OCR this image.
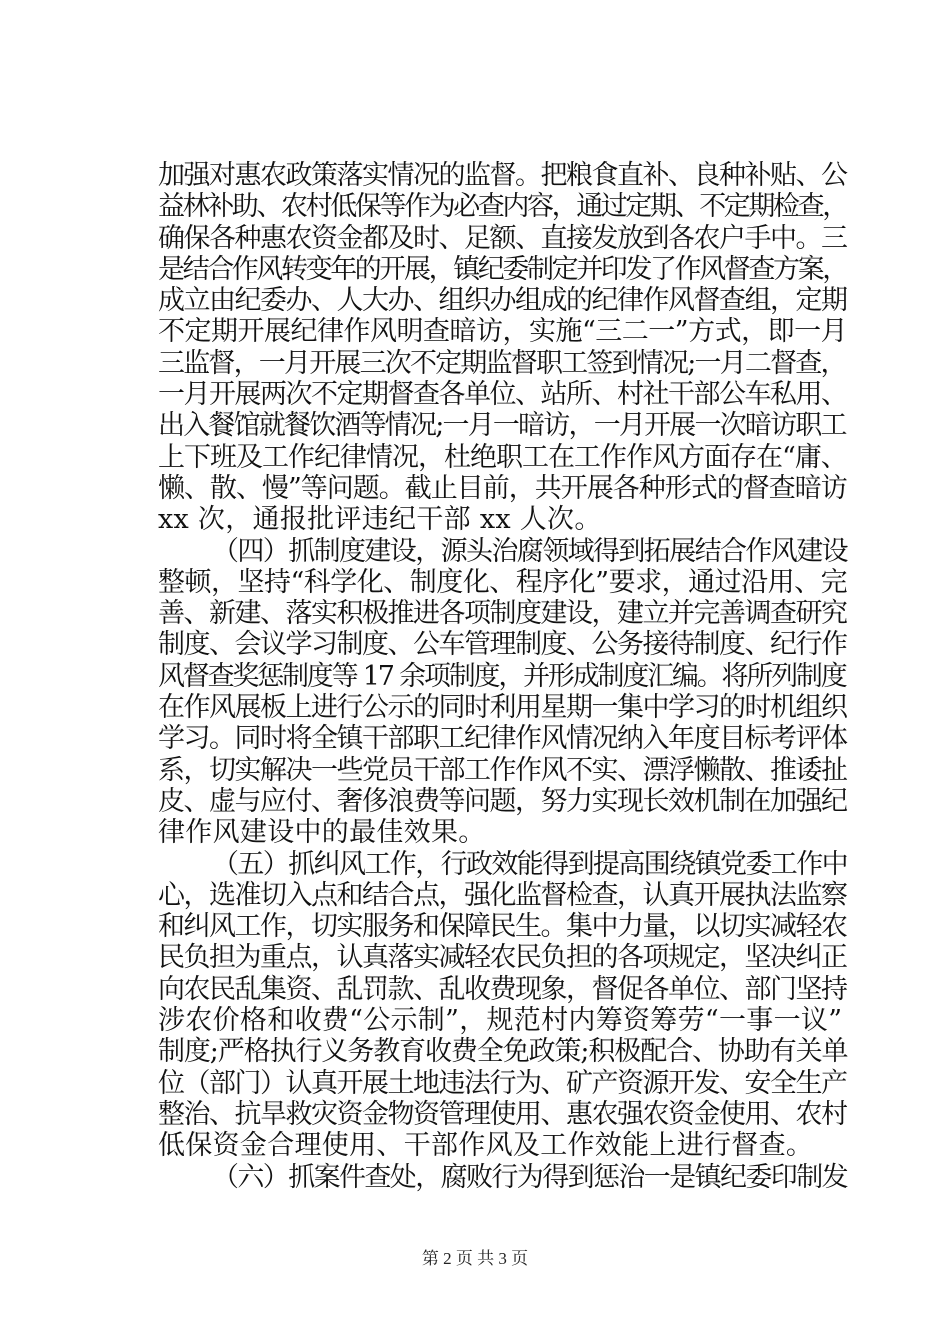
加强对惠农政策落实情况的监督。把粮食直补、良种补贴、公
益林补助、农村低保等作为必查内容，通过定期、不定期检查，
确保各种惠农资金都及时、足额、直接发放到各农户手中。三
是结合作风转变年的开展，镇纪委制定并印发了作风督查方案，
成立由纪委办、人大办、组织办组成的纪律作风督查组，定期
不定期开展纪律作风明查暗访，实施“三二一”方式，即一月
三监督，一月开展三次不定期监督职工签到情况;一月二督查，
一月开展两次不定期督查各单位、站所、村社干部公车私用、
出入餐馆就餐饮酒等情况;一月一暗访，一月开展一次暗访职工
上下班及工作纪律情况，杜绝职工在工作作风方面存在“庸、
懒、散、慢”等问题。截止目前，共开展各种形式的督查暗访
xx 次，通报批评违纪干部 xx 人次。
（四）抓制度建设，源头治腐领域得到拓展结合作风建设
整顿，坚持“科学化、制度化、程序化”要求，通过沿用、完
善、新建、落实积极推进各项制度建设，建立并完善调查研究
制度、会议学习制度、公车管理制度、公务接待制度、纪行作
风督查奖惩制度等 17 余项制度，并形成制度汇编。将所列制度
在作风展板上进行公示的同时利用星期一集中学习的时机组织
学习。同时将全镇干部职工纪律作风情况纳入年度目标考评体
系，切实解决一些党员干部工作作风不实、漂浮懒散、推诿扯
皮、虚与应付、奢侈浪费等问题，努力实现长效机制在加强纪
律作风建设中的最佳效果。
（五）抓纠风工作，行政效能得到提高围绕镇党委工作中
心，选准切入点和结合点，强化监督检查，认真开展执法监察
和纠风工作，切实服务和保障民生。集中力量，以切实减轻农
民负担为重点，认真落实减轻农民负担的各项规定，坚决纠正
向农民乱集资、乱罚款、乱收费现象，督促各单位、部门坚持
涉农价格和收费“公示制”，规范村内筹资筹劳“一事一议”
制度;严格执行义务教育收费全免政策;积极配合、协助有关单
位（部门）认真开展土地违法行为、矿产资源开发、安全生产
整治、抗旱救灾资金物资管理使用、惠农强农资金使用、农村
低保资金合理使用、干部作风及工作效能上进行督查。
（六）抓案件查处，腐败行为得到惩治一是镇纪委印制发
第 2 页 共 3 页
